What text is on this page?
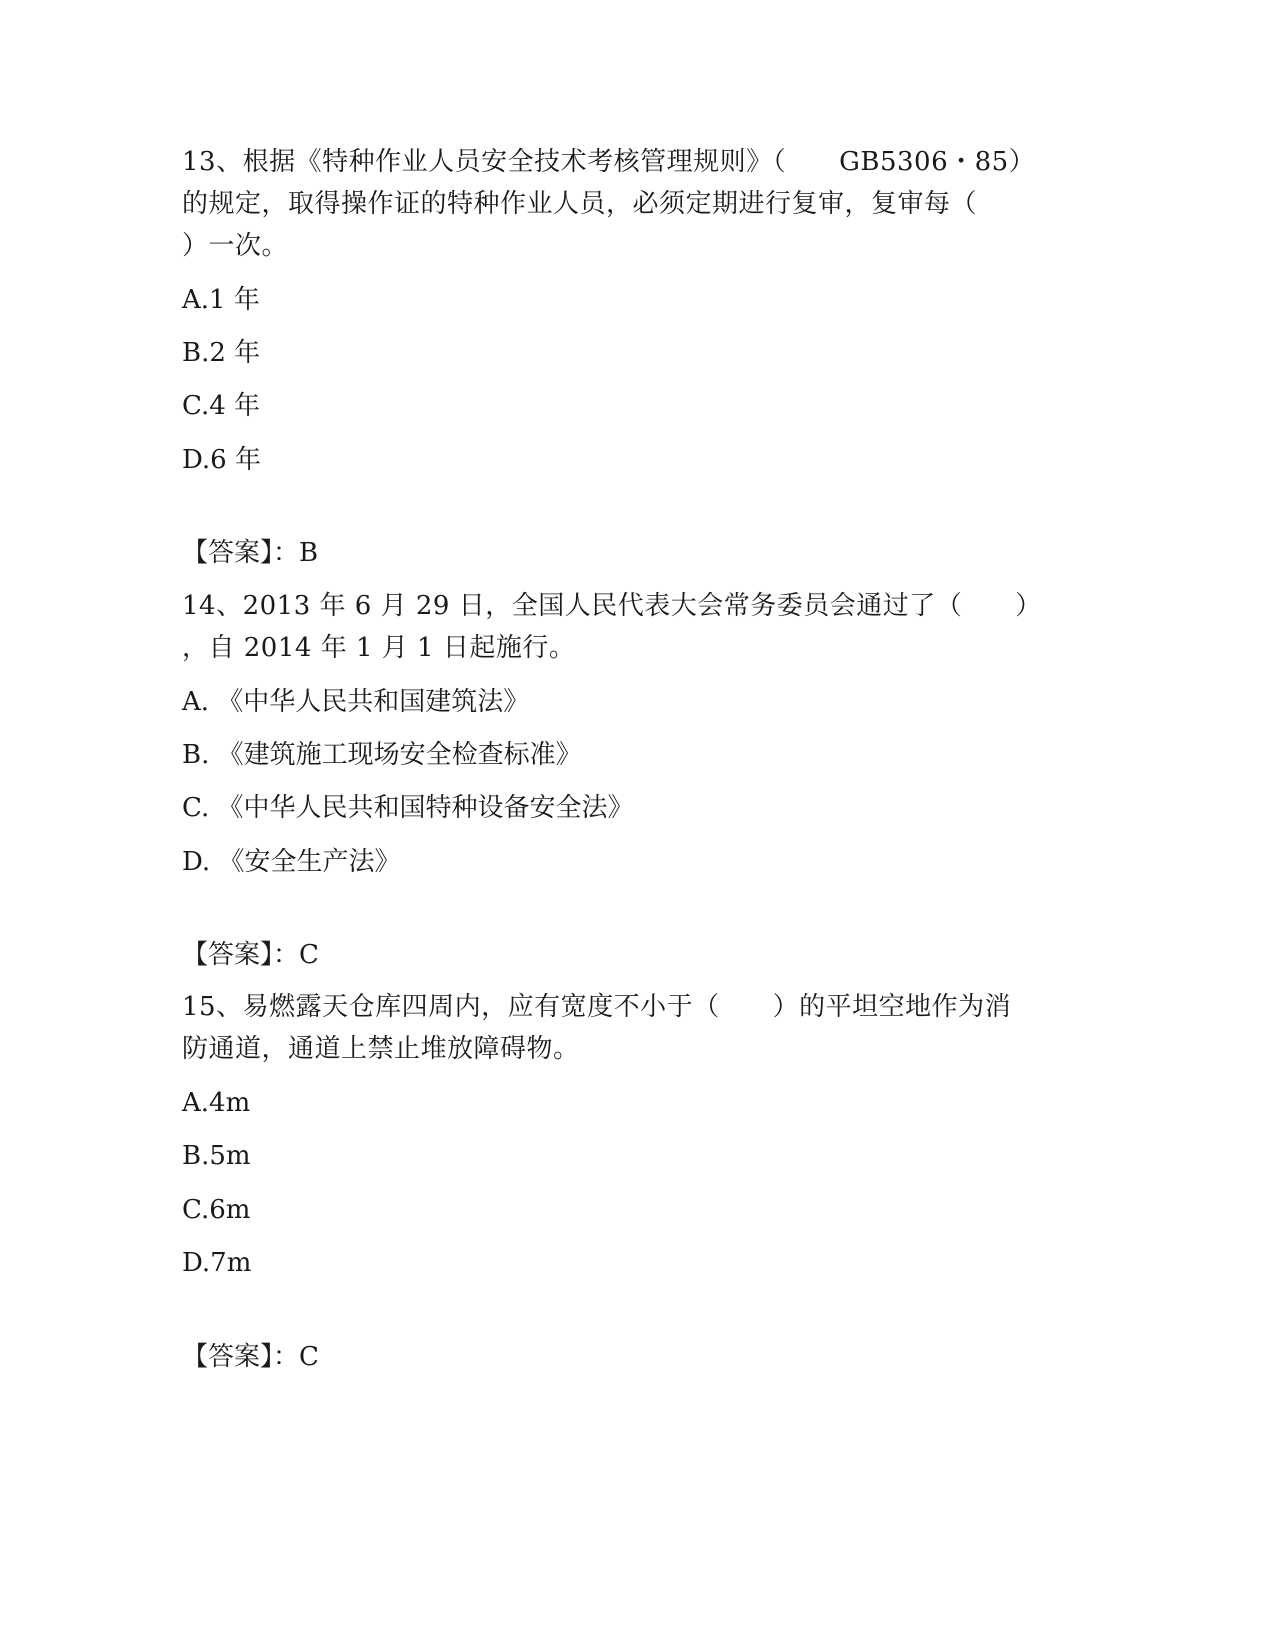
13、根据《特种作业人员安全技术考核管理规则》（　　GB5306・85）
的规定，取得操作证的特种作业人员，必须定期进行复审，复审每（
）一次。
A.1 年
B.2 年
C.4 年
D.6 年
【答案】：B
14、2013 年 6 月 29 日，全国人民代表大会常务委员会通过了（　　）
，自 2014 年 1 月 1 日起施行。
A. 《中华人民共和国建筑法》
B. 《建筑施工现场安全检查标准》
C. 《中华人民共和国特种设备安全法》
D. 《安全生产法》
【答案】：C
15、易燃露天仓库四周内，应有宽度不小于（　　）的平坦空地作为消
防通道，通道上禁止堆放障碍物。
A.4m
B.5m
C.6m
D.7m
【答案】：C
